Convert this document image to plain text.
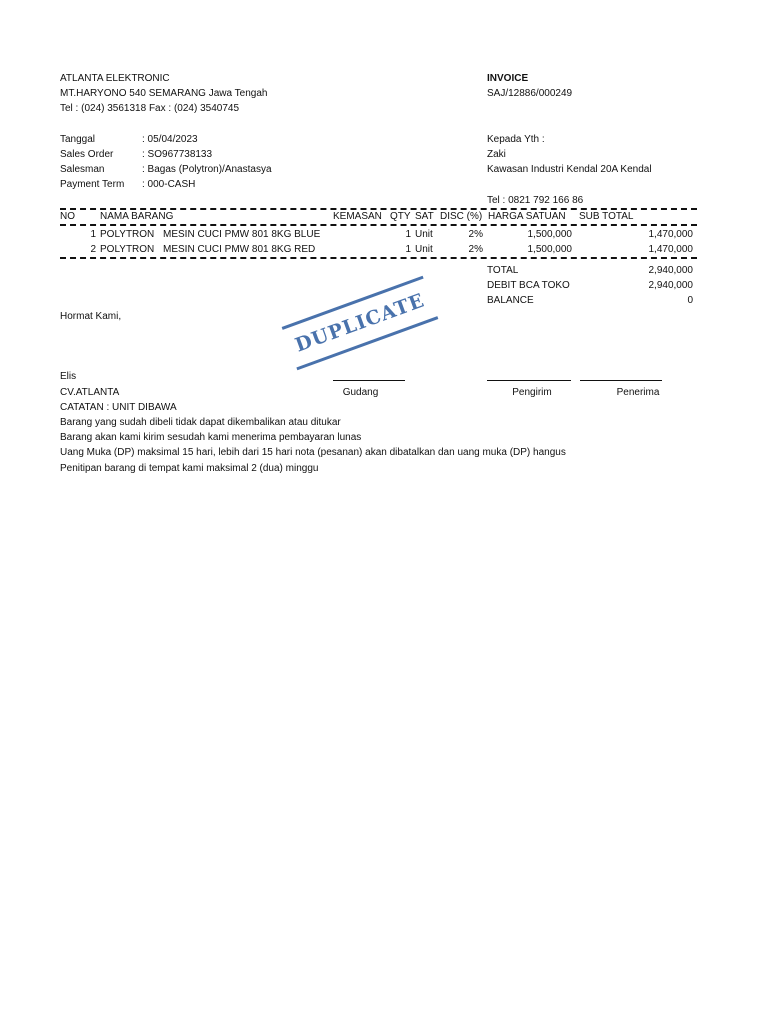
ATLANTA ELEKTRONIC
MT.HARYONO 540 SEMARANG Jawa Tengah
Tel : (024) 3561318 Fax : (024) 3540745
INVOICE
SAJ/12886/000249
Tanggal	: 05/04/2023
Sales Order	: SO967738133
Salesman	: Bagas (Polytron)/Anastasya
Payment Term : 000-CASH
Kepada Yth :
Zaki
Kawasan Industri Kendal 20A Kendal
Tel : 0821 792 166 86
NO	NAMA BARANG	KEMASAN QTY SAT DISC (%) HARGA SATUAN SUB TOTAL
1 POLYTRON MESIN CUCI PMW 801 8KG BLUE	1 Unit	2%	1,500,000	1,470,000
2 POLYTRON MESIN CUCI PMW 801 8KG RED	1 Unit	2%	1,500,000	1,470,000
TOTAL	2,940,000
DEBIT BCA TOKO	2,940,000
BALANCE	0
Hormat Kami,	DUPLICATE
Elis
CV.ATLANTA	Gudang	Pengirim	Penerima
CATATAN : UNIT DIBAWA
Barang yang sudah dibeli tidak dapat dikembalikan atau ditukar
Barang akan kami kirim sesudah kami menerima pembayaran lunas
Uang Muka (DP) maksimal 15 hari, lebih dari 15 hari nota (pesanan) akan dibatalkan dan uang muka (DP) hangus
Penitipan barang di tempat kami maksimal 2 (dua) minggu
